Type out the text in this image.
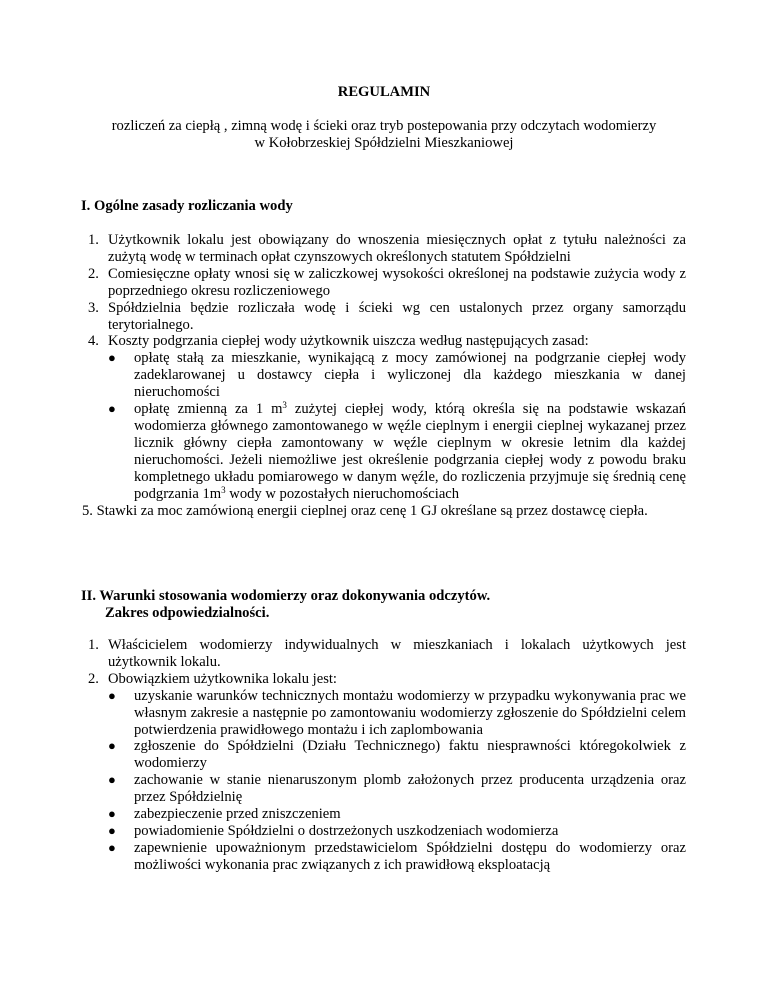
REGULAMIN
rozliczeń za ciepłą , zimną wodę i ścieki oraz tryb postepowania przy odczytach wodomierzy
w Kołobrzeskiej Spółdzielni Mieszkaniowej
I. Ogólne zasady rozliczania wody
1. Użytkownik lokalu jest obowiązany do wnoszenia miesięcznych opłat z tytułu należności za zużytą wodę w terminach opłat czynszowych określonych statutem Spółdzielni
2. Comiesięczne opłaty wnosi się w zaliczkowej wysokości określonej na podstawie zużycia wody z poprzedniego okresu rozliczeniowego
3. Spółdzielnia będzie rozliczała wodę i ścieki wg cen ustalonych przez organy samorządu terytorialnego.
4. Koszty podgrzania ciepłej wody użytkownik uiszcza według następujących zasad:
● opłatę stałą za mieszkanie, wynikającą z mocy zamówionej na podgrzanie ciepłej wody zadeklarowanej u dostawcy ciepła i wyliczonej dla każdego mieszkania w danej nieruchomości
● opłatę zmienną za 1 $m^3$ zużytej ciepłej wody, którą określa się na podstawie wskazań wodomierza głównego zamontowanego w węźle cieplnym i energii cieplnej wykazanej przez licznik główny ciepła zamontowany w węźle cieplnym w okresie letnim dla każdej nieruchomości. Jeżeli niemożliwe jest określenie podgrzania ciepłej wody z powodu braku kompletnego układu pomiarowego w danym węźle, do rozliczenia przyjmuje się średnią cenę podgrzania $1m^3$ wody w pozostałych nieruchomościach
5. Stawki za moc zamówioną energii cieplnej oraz cenę 1 GJ określane są przez dostawcę ciepła.
II. Warunki stosowania wodomierzy oraz dokonywania odczytów.
Zakres odpowiedzialności.
1. Właścicielem wodomierzy indywidualnych w mieszkaniach i lokalach użytkowych jest użytkownik lokalu.
2. Obowiązkiem użytkownika lokalu jest:
● uzyskanie warunków technicznych montażu wodomierzy w przypadku wykonywania prac we własnym zakresie a następnie po zamontowaniu wodomierzy zgłoszenie do Spółdzielni celem potwierdzenia prawidłowego montażu i ich zaplombowania
● zgłoszenie do Spółdzielni (Działu Technicznego) faktu niesprawności któregokolwiek z wodomierzy
● zachowanie w stanie nienaruszonym plomb założonych przez producenta urządzenia oraz przez Spółdzielnię
● zabezpieczenie przed zniszczeniem
● powiadomienie Spółdzielni o dostrzeżonych uszkodzeniach wodomierza
● zapewnienie upoważnionym przedstawicielom Spółdzielni dostępu do wodomierzy oraz możliwości wykonania prac związanych z ich prawidłową eksploatacją
